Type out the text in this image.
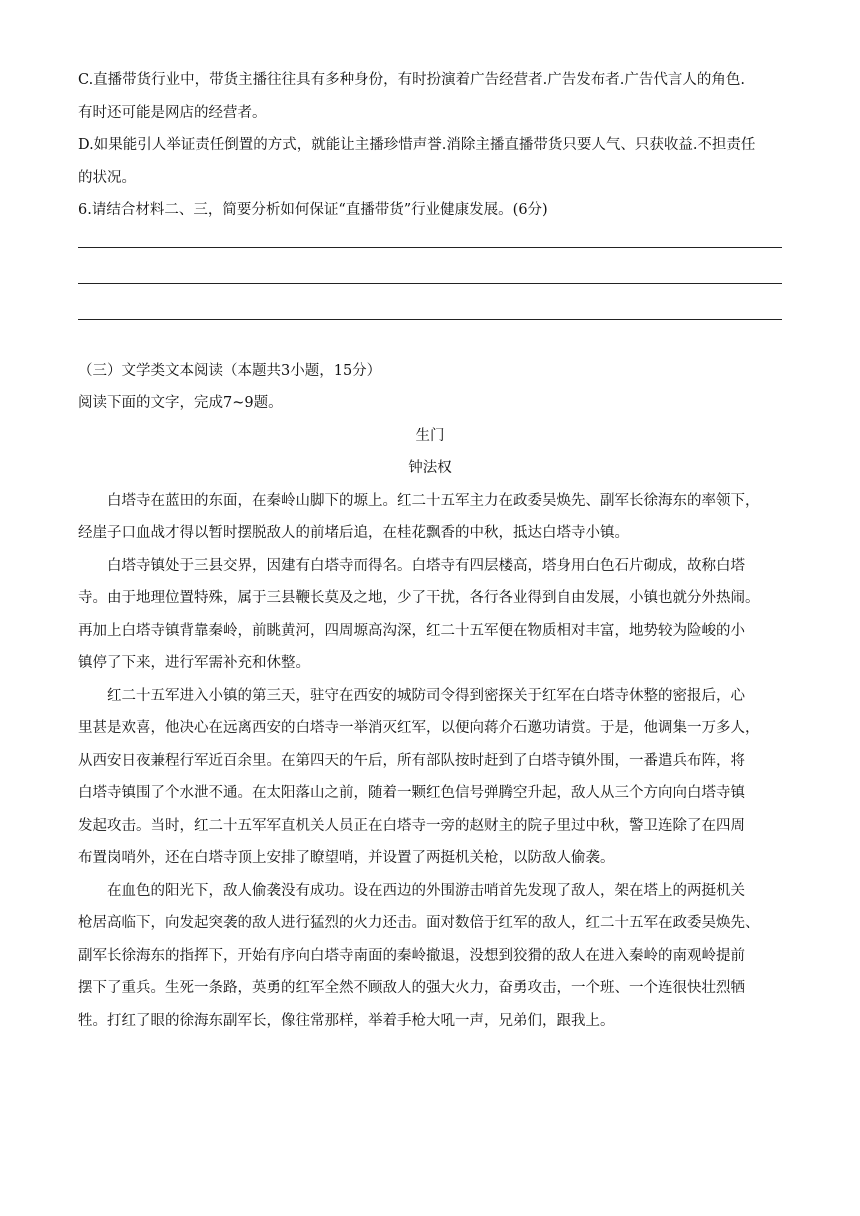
C.直播带货行业中，带货主播往往具有多种身份，有时扮演着广告经营者.广告发布者.广告代言人的角色.
有时还可能是网店的经营者。
D.如果能引人举证责任倒置的方式，就能让主播珍惜声誉.消除主播直播带货只要人气、只获收益.不担责任
的状况。
6.请结合材料二、三，简要分析如何保证“直播带货”行业健康发展。(6分)
（三）文学类文本阅读（本题共3小题，15分）
阅读下面的文字，完成7~9题。
生门
钟法权
白塔寺在蓝田的东面，在秦岭山脚下的塬上。红二十五军主力在政委吴焕先、副军长徐海东的率领下，
经崖子口血战才得以暂时摆脱敌人的前堵后追，在桂花飘香的中秋，抵达白塔寺小镇。
白塔寺镇处于三县交界，因建有白塔寺而得名。白塔寺有四层楼高，塔身用白色石片砌成，故称白塔
寺。由于地理位置特殊，属于三县鞭长莫及之地，少了干扰，各行各业得到自由发展，小镇也就分外热闹。
再加上白塔寺镇背靠秦岭，前眺黄河，四周塬高沟深，红二十五军便在物质相对丰富，地势较为险峻的小
镇停了下来，进行军需补充和休整。
红二十五军进入小镇的第三天，驻守在西安的城防司令得到密探关于红军在白塔寺休整的密报后，心
里甚是欢喜，他决心在远离西安的白塔寺一举消灭红军，以便向蒋介石邀功请赏。于是，他调集一万多人，
从西安日夜兼程行军近百余里。在第四天的午后，所有部队按时赶到了白塔寺镇外围，一番遣兵布阵，将
白塔寺镇围了个水泄不通。在太阳落山之前，随着一颗红色信号弹腾空升起，敌人从三个方向向白塔寺镇
发起攻击。当时，红二十五军军直机关人员正在白塔寺一旁的赵财主的院子里过中秋，警卫连除了在四周
布置岗哨外，还在白塔寺顶上安排了瞭望哨，并设置了两挺机关枪，以防敌人偷袭。
在血色的阳光下，敌人偷袭没有成功。设在西边的外围游击哨首先发现了敌人，架在塔上的两挺机关
枪居高临下，向发起突袭的敌人进行猛烈的火力还击。面对数倍于红军的敌人，红二十五军在政委吴焕先、
副军长徐海东的指挥下，开始有序向白塔寺南面的秦岭撤退，没想到狡猾的敌人在进入秦岭的南观岭提前
摆下了重兵。生死一条路，英勇的红军全然不顾敌人的强大火力，奋勇攻击，一个班、一个连很快壮烈牺
牲。打红了眼的徐海东副军长，像往常那样，举着手枪大吼一声，兄弟们，跟我上。
